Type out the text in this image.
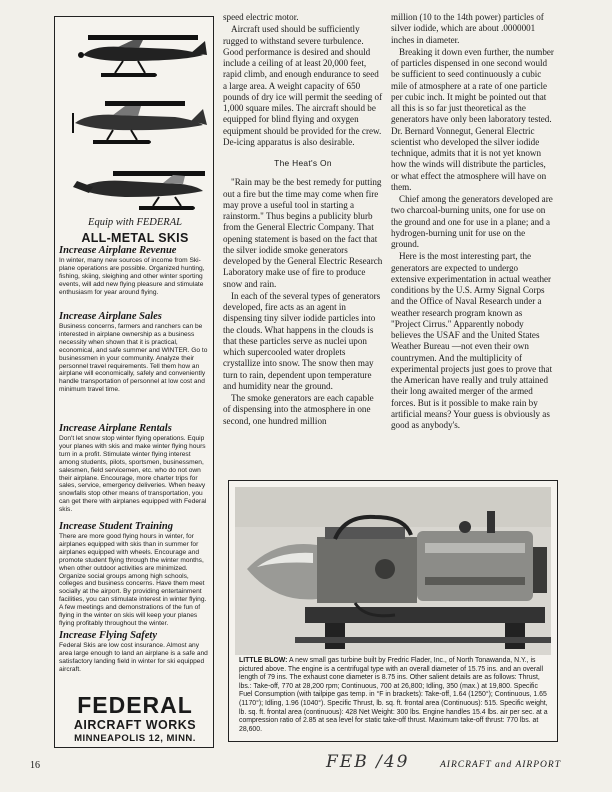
Equip with FEDERAL
ALL-METAL SKIS
Increase Airplane Revenue

In winter, many new sources of income from Ski-plane operations are possible. Organized hunting, fishing, skiing, sleighing and other winter sporting events, will add new flying pleasure and stimulate enthusiasm for year around flying.

Increase Airplane Sales

Business concerns, farmers and ranchers can be interested in airplane ownership as a business necessity when shown that it is practical, economical, and safe summer and WINTER. Go to businessmen in your community. Analyze their personnel travel requirements. Tell them how an airplane will economically, safely and conveniently handle transportation of personnel at low cost and minimum travel time.

Increase Airplane Rentals

Don't let snow stop winter flying operations. Equip your planes with skis and make winter flying hours turn in a profit. Stimulate winter flying interest among students, pilots, sportsmen, businessmen, salesmen, field servicemen, etc. who do not own their airplane. Encourage, more charter trips for sales, service, emergency deliveries. When heavy snowfalls stop other means of transportation, you can get there with airplanes equipped with Federal skis.

Increase Student Training

There are more good flying hours in winter, for airplanes equipped with skis than in summer for airplanes equipped with wheels. Encourage and promote student flying through the winter months, when other outdoor activities are minimized. Organize social groups among high schools, colleges and business concerns. Have them meet socially at the airport. By providing entertainment facilities, you can stimulate interest in winter flying. A few meetings and demonstrations of the fun of flying in the winter on skis will keep your planes flying profitably throughout the winter.

Increase Flying Safety

Federal Skis are low cost insurance. Almost any area large enough to land an airplane is a safe and satisfactory landing field in winter for ski equipped aircraft.

FEDERAL
AIRCRAFT WORKS
MINNEAPOLIS 12, MINN.

speed electric motor.

Aircraft used should be sufficiently rugged to withstand severe turbulence. Good performance is desired and should include a ceiling of at least 20,000 feet, rapid climb, and enough endurance to seed a large area. A weight capacity of 650 pounds of dry ice will permit the seeding of 1,000 square miles. The aircraft should be equipped for blind flying and oxygen equipment should be provided for the crew. De-icing apparatus is also desirable.

The Heat's On

"Rain may be the best remedy for putting out a fire but the time may come when fire may prove a useful tool in starting a rainstorm." Thus begins a publicity blurb from the General Electric Company. That opening statement is based on the fact that the silver iodide smoke generators developed by the General Electric Research Laboratory make use of fire to produce snow and rain.

In each of the several types of generators developed, fire acts as an agent in dispensing tiny silver iodide particles into the clouds. What happens in the clouds is that these particles serve as nuclei upon which supercooled water droplets crystallize into snow. The snow then may turn to rain, dependent upon temperature and humidity near the ground.

The smoke generators are each capable of dispensing into the atmosphere in one second, one hundred million

million (10 to the 14th power) particles of silver iodide, which are about .0000001 inches in diameter.

Breaking it down even further, the number of particles dispensed in one second would be sufficient to seed continuously a cubic mile of atmosphere at a rate of one particle per cubic inch. It might be pointed out that all this is so far just theoretical as the generators have only been laboratory tested. Dr. Bernard Vonnegut, General Electric scientist who developed the silver iodide technique, admits that it is not yet known how the winds will distribute the particles, or what effect the atmosphere will have on them.

Chief among the generators developed are two charcoal-burning units, one for use on the ground and one for use in a plane; and a hydrogen-burning unit for use on the ground.

Here is the most interesting part, the generators are expected to undergo extensive experimentation in actual weather conditions by the U.S. Army Signal Corps and the Office of Naval Research under a weather research program known as "Project Cirrus." Apparently nobody believes the USAF and the United States Weather Bureau —not even their own countrymen. And the multiplicity of experimental projects just goes to prove that the American have really and truly attained their long awaited merger of the armed forces. But is it possible to make rain by artificial means? Your guess is obviously as good as anybody's.

LITTLE BLOW: A new small gas turbine built by Fredric Flader, Inc., of North Tonawanda, N.Y., is pictured above. The engine is a centrifugal type with an overall diameter of 15.75 ins. and an overall length of 79 ins. The exhaust cone diameter is 8.75 ins. Other salient details are as follows: Thrust, lbs.: Take-off, 770 at 28,200 rpm; Continuous, 700 at 26,800; Idling, 350 (max.) at 19,800. Specific Fuel Consumption (with tailpipe gas temp. in °F in brackets): Take-off, 1.64 (1250°); Continuous, 1.65 (1170°); Idling, 1.96 (1040°). Specific Thrust, lb. sq. ft. frontal area (Continuous): 515. Specific weight, lb. sq. ft. frontal area (continuous): 428 Net Weight: 300 lbs. Engine handles 15.4 lbs. air per sec. at a compression ratio of 2.85 at sea level for static take-off thrust. Maximum take-off thrust: 770 lbs. at 28,600.
16	FEB /49	AIRCRAFT and AIRPORT
